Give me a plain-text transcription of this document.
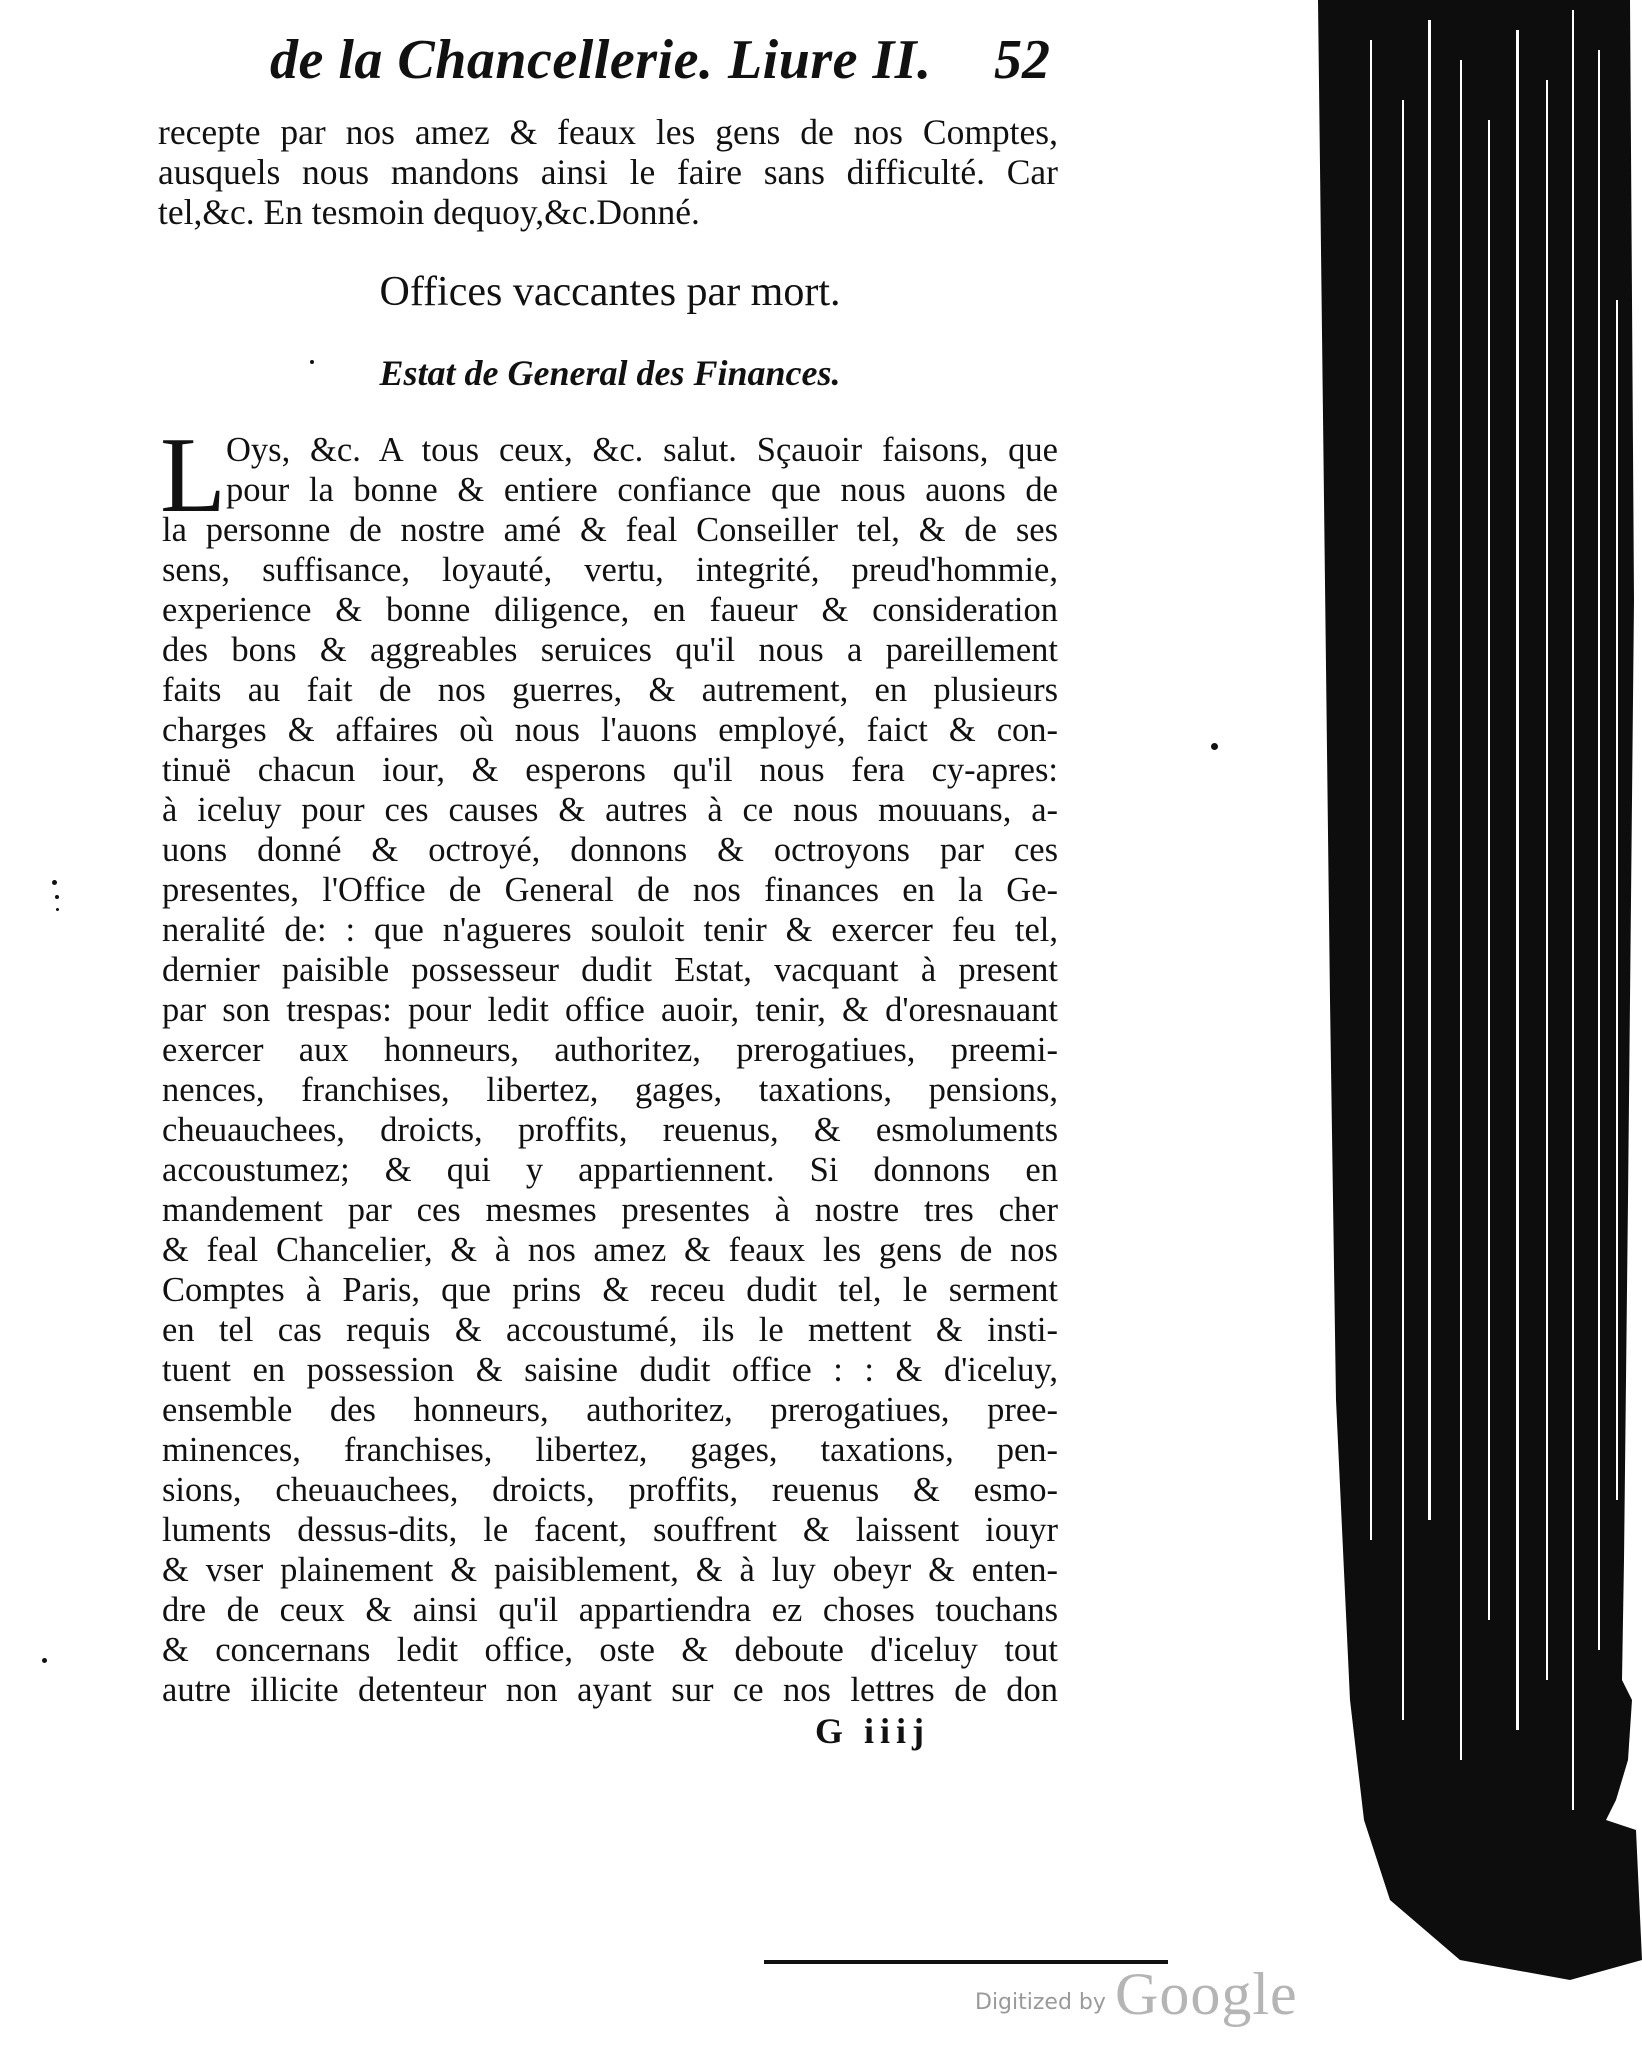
de la Chancellerie. Liure II. 52
recepte par nos amez & feaux les gens de nos Comptes,
ausquels nous mandons ainsi le faire sans difficulté. Car
tel,&c. En tesmoin dequoy,&c.Donné.
Offices vaccantes par mort.
Estat de General des Finances.
L Oys, &c. A tous ceux, &c. salut. Sçauoir faisons, que
pour la bonne & entiere confiance que nous auons de
la personne de nostre amé & feal Conseiller tel, & de ses
sens, suffisance, loyauté, vertu, integrité, preud'hommie,
experience & bonne diligence, en faueur & consideration
des bons & aggreables seruices qu'il nous a pareillement
faits au fait de nos guerres, & autrement, en plusieurs
charges & affaires où nous l'auons employé, faict & con-
tinuë chacun iour, & esperons qu'il nous fera cy-apres:
à iceluy pour ces causes & autres à ce nous mouuans, a-
uons donné & octroyé, donnons & octroyons par ces
presentes, l'Office de General de nos finances en la Ge-
neralité de: : que n'agueres souloit tenir & exercer feu tel,
dernier paisible possesseur dudit Estat, vacquant à present
par son trespas: pour ledit office auoir, tenir, & d'oresnauant
exercer aux honneurs, authoritez, prerogatiues, preemi-
nences, franchises, libertez, gages, taxations, pensions,
cheuauchees, droicts, proffits, reuenus, & esmoluments
accoustumez; & qui y appartiennent. Si donnons en
mandement par ces mesmes presentes à nostre tres cher
& feal Chancelier, & à nos amez & feaux les gens de nos
Comptes à Paris, que prins & receu dudit tel, le serment
en tel cas requis & accoustumé, ils le mettent & insti-
tuent en possession & saisine dudit office : : & d'iceluy,
ensemble des honneurs, authoritez, prerogatiues, pree-
minences, franchises, libertez, gages, taxations, pen-
sions, cheuauchees, droicts, proffits, reuenus & esmo-
luments dessus-dits, le facent, souffrent & laissent iouyr
& vser plainement & paisiblement, & à luy obeyr & enten-
dre de ceux & ainsi qu'il appartiendra ez choses touchans
& concernans ledit office, oste & deboute d'iceluy tout
autre illicite detenteur non ayant sur ce nos lettres de don
G iiij
Digitized by Google
